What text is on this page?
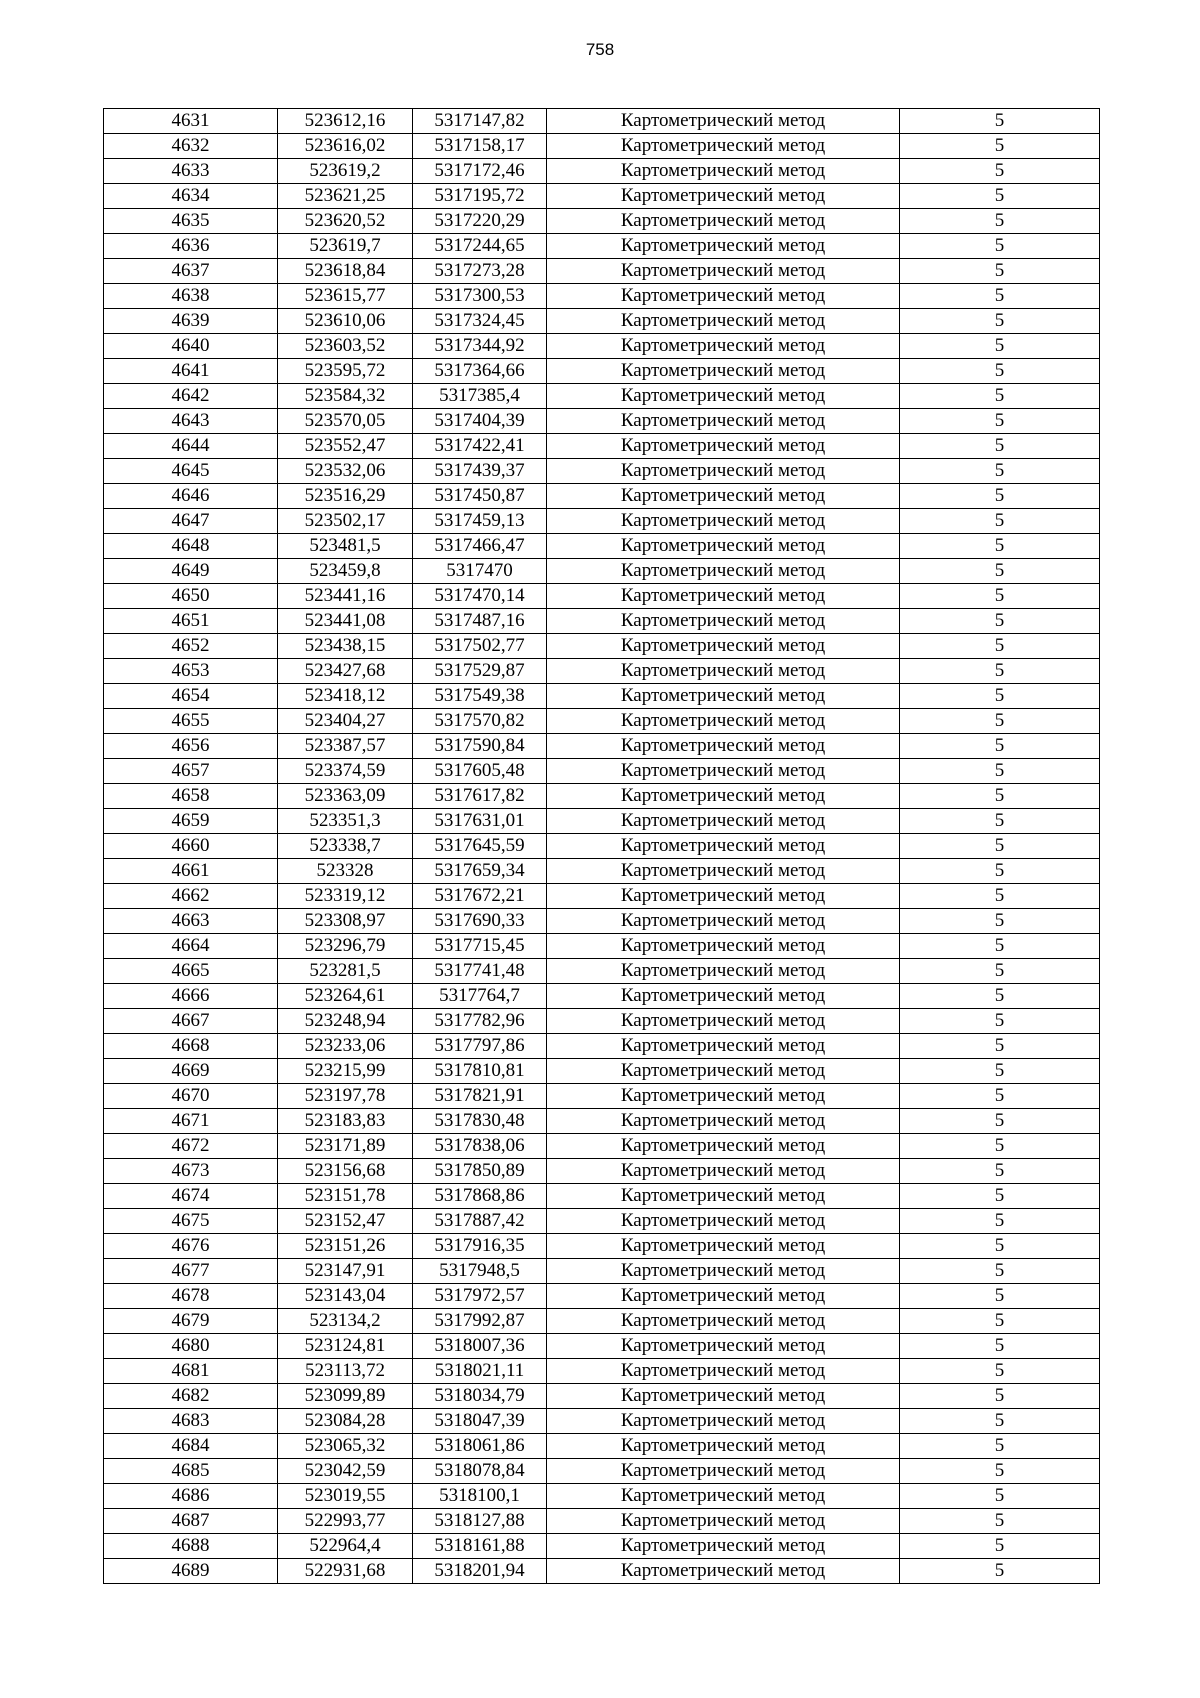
758
4631	523612,16	5317147,82	Картометрический метод	5
4632	523616,02	5317158,17	Картометрический метод	5
4633	523619,2	5317172,46	Картометрический метод	5
4634	523621,25	5317195,72	Картометрический метод	5
4635	523620,52	5317220,29	Картометрический метод	5
4636	523619,7	5317244,65	Картометрический метод	5
4637	523618,84	5317273,28	Картометрический метод	5
4638	523615,77	5317300,53	Картометрический метод	5
4639	523610,06	5317324,45	Картометрический метод	5
4640	523603,52	5317344,92	Картометрический метод	5
4641	523595,72	5317364,66	Картометрический метод	5
4642	523584,32	5317385,4	Картометрический метод	5
4643	523570,05	5317404,39	Картометрический метод	5
4644	523552,47	5317422,41	Картометрический метод	5
4645	523532,06	5317439,37	Картометрический метод	5
4646	523516,29	5317450,87	Картометрический метод	5
4647	523502,17	5317459,13	Картометрический метод	5
4648	523481,5	5317466,47	Картометрический метод	5
4649	523459,8	5317470	Картометрический метод	5
4650	523441,16	5317470,14	Картометрический метод	5
4651	523441,08	5317487,16	Картометрический метод	5
4652	523438,15	5317502,77	Картометрический метод	5
4653	523427,68	5317529,87	Картометрический метод	5
4654	523418,12	5317549,38	Картометрический метод	5
4655	523404,27	5317570,82	Картометрический метод	5
4656	523387,57	5317590,84	Картометрический метод	5
4657	523374,59	5317605,48	Картометрический метод	5
4658	523363,09	5317617,82	Картометрический метод	5
4659	523351,3	5317631,01	Картометрический метод	5
4660	523338,7	5317645,59	Картометрический метод	5
4661	523328	5317659,34	Картометрический метод	5
4662	523319,12	5317672,21	Картометрический метод	5
4663	523308,97	5317690,33	Картометрический метод	5
4664	523296,79	5317715,45	Картометрический метод	5
4665	523281,5	5317741,48	Картометрический метод	5
4666	523264,61	5317764,7	Картометрический метод	5
4667	523248,94	5317782,96	Картометрический метод	5
4668	523233,06	5317797,86	Картометрический метод	5
4669	523215,99	5317810,81	Картометрический метод	5
4670	523197,78	5317821,91	Картометрический метод	5
4671	523183,83	5317830,48	Картометрический метод	5
4672	523171,89	5317838,06	Картометрический метод	5
4673	523156,68	5317850,89	Картометрический метод	5
4674	523151,78	5317868,86	Картометрический метод	5
4675	523152,47	5317887,42	Картометрический метод	5
4676	523151,26	5317916,35	Картометрический метод	5
4677	523147,91	5317948,5	Картометрический метод	5
4678	523143,04	5317972,57	Картометрический метод	5
4679	523134,2	5317992,87	Картометрический метод	5
4680	523124,81	5318007,36	Картометрический метод	5
4681	523113,72	5318021,11	Картометрический метод	5
4682	523099,89	5318034,79	Картометрический метод	5
4683	523084,28	5318047,39	Картометрический метод	5
4684	523065,32	5318061,86	Картометрический метод	5
4685	523042,59	5318078,84	Картометрический метод	5
4686	523019,55	5318100,1	Картометрический метод	5
4687	522993,77	5318127,88	Картометрический метод	5
4688	522964,4	5318161,88	Картометрический метод	5
4689	522931,68	5318201,94	Картометрический метод	5
